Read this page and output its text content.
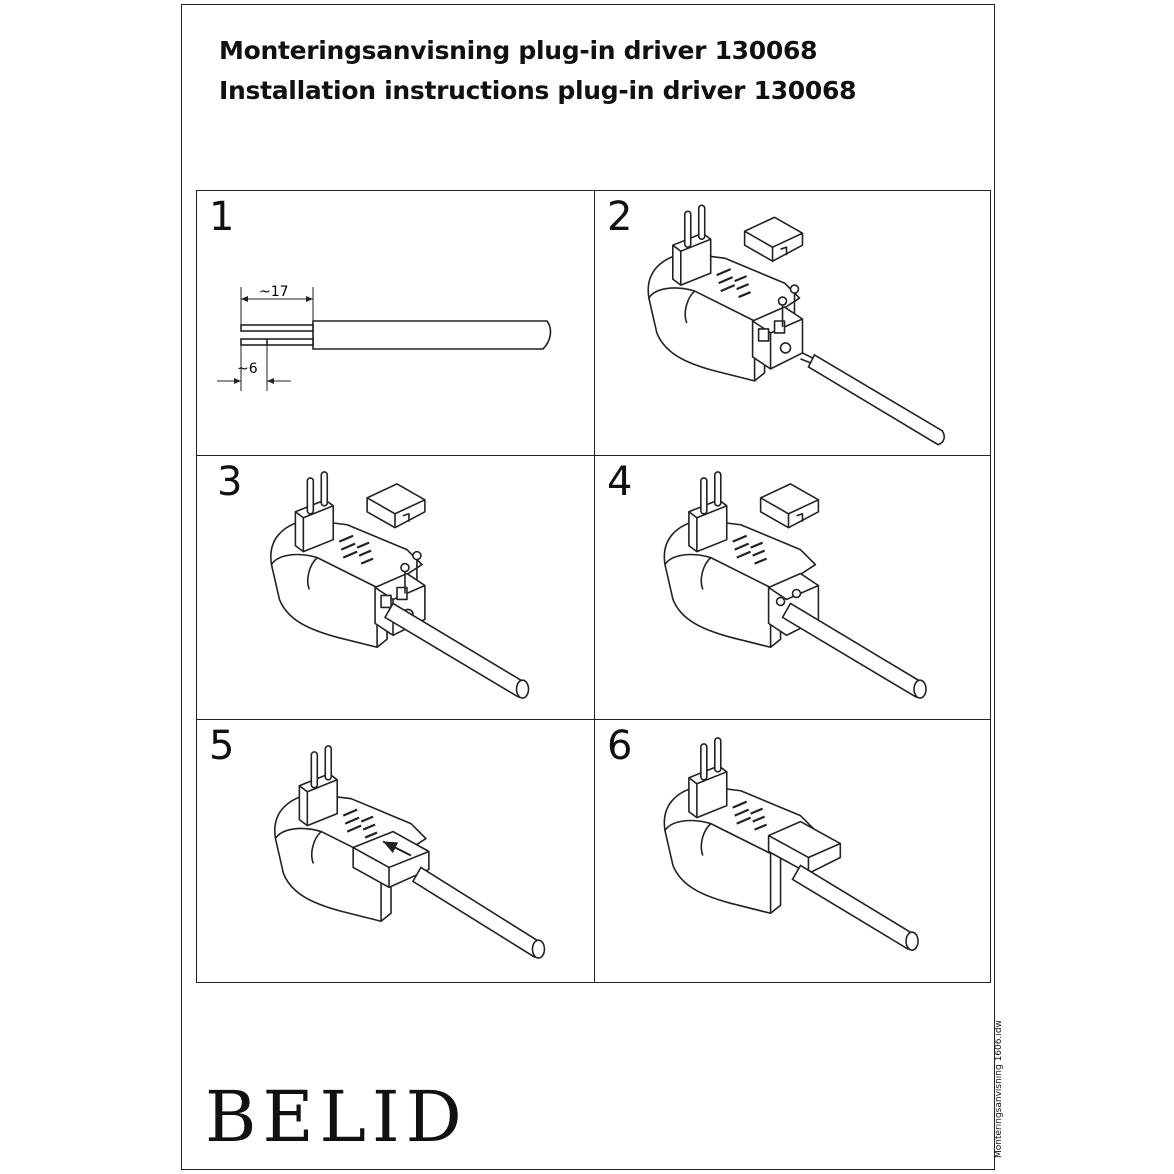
Monteringsanvisning plug-in driver 130068
Installation instructions plug-in driver 130068
1
~17
~6
2
3	4
5	6
BELID	Monteringsanvisning 1606.idw
